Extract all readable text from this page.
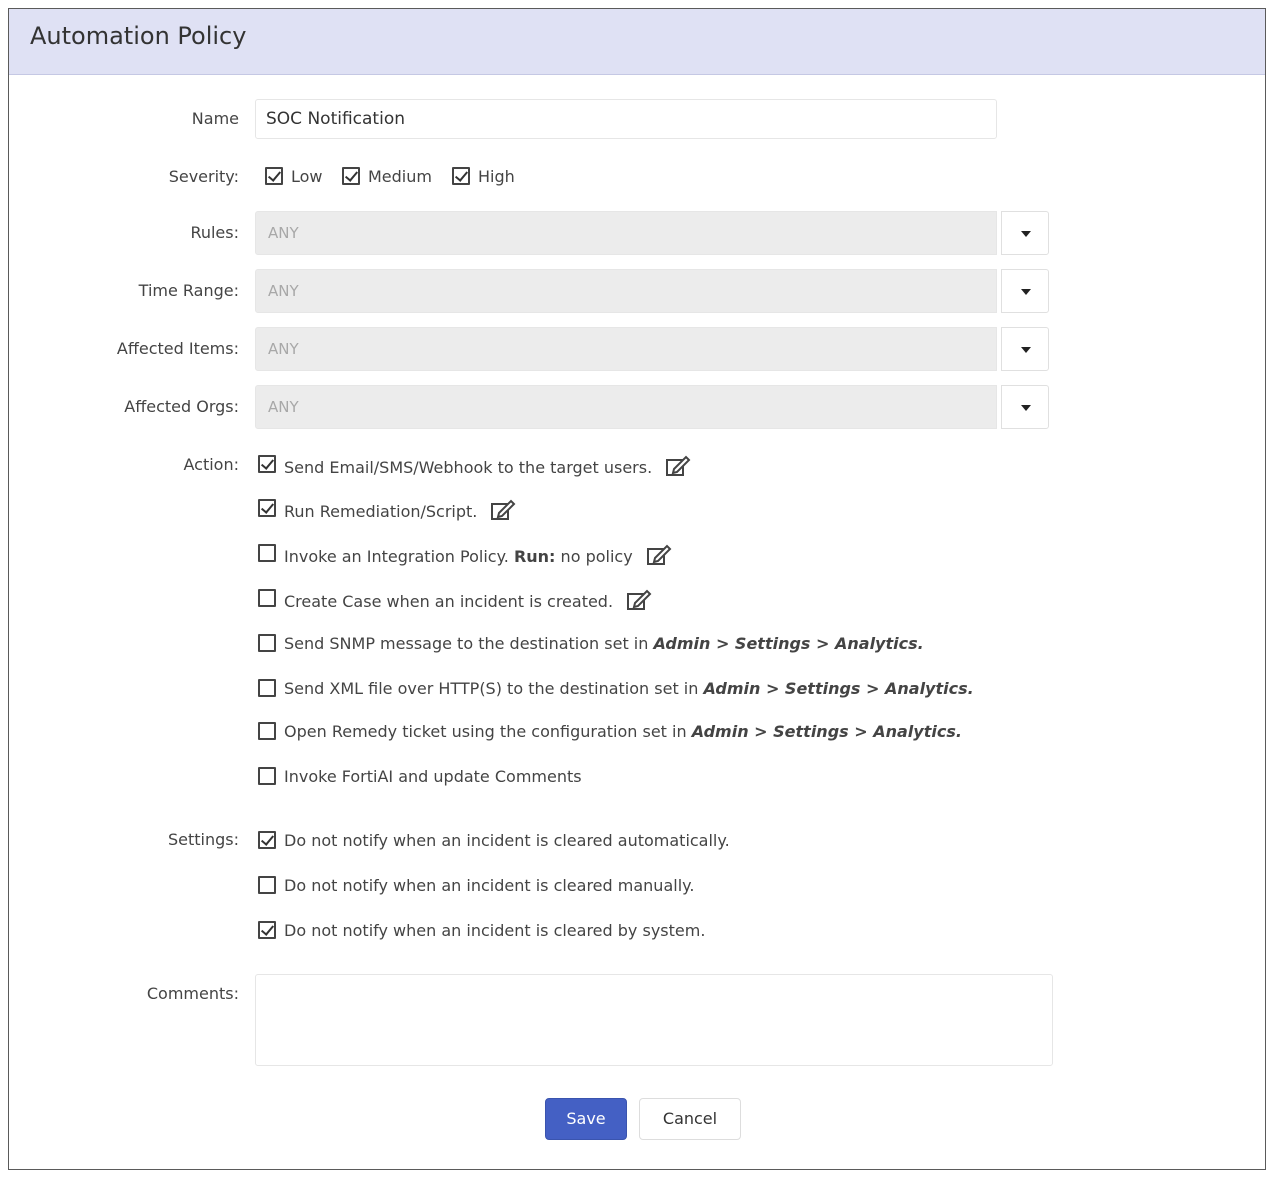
Automation Policy
Name	SOC Notification
Severity:	Low	Medium	High
Rules:	ANY
Time Range:	ANY
Affected Items:	ANY
Affected Orgs:	ANY
Action:	Send Email/SMS/Webhook to the target users.
Run Remediation/Script.
Invoke an Integration Policy. Run: no policy
Create Case when an incident is created.
Send SNMP message to the destination set in Admin > Settings > Analytics.
Send XML file over HTTP(S) to the destination set in Admin > Settings > Analytics.
Open Remedy ticket using the configuration set in Admin > Settings > Analytics.
Invoke FortiAI and update Comments
Settings:	Do not notify when an incident is cleared automatically.
Do not notify when an incident is cleared manually.
Do not notify when an incident is cleared by system.
Comments:
Save	Cancel
